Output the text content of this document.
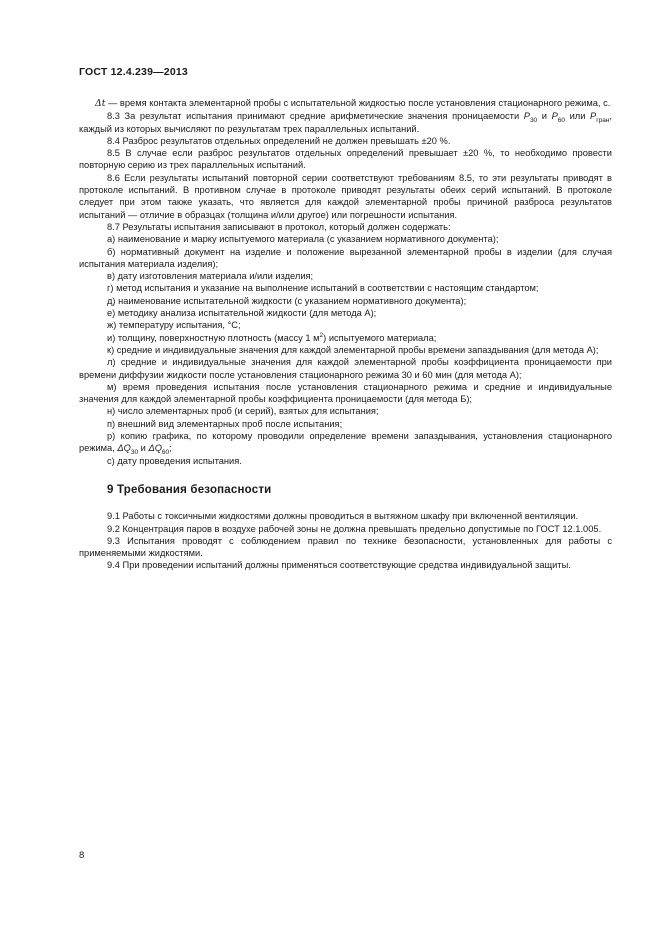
ГОСТ 12.4.239—2013

Δt — время контакта элементарной пробы с испытательной жидкостью после установления стационарного режима, с.

8.3 За результат испытания принимают средние арифметические значения проницаемости $P_{30}$ и $P_{60}$ или $P_{гран}$, каждый из которых вычисляют по результатам трех параллельных испытаний.

8.4 Разброс результатов отдельных определений не должен превышать ±20 %.

8.5 В случае если разброс результатов отдельных определений превышает ±20 %, то необходимо провести повторную серию из трех параллельных испытаний.

8.6 Если результаты испытаний повторной серии соответствуют требованиям 8.5, то эти результаты приводят в протоколе испытаний. В противном случае в протоколе приводят результаты обеих серий испытаний. В протоколе следует при этом также указать, что является для каждой элементарной пробы причиной разброса результатов испытаний — отличие в образцах (толщина и/или другое) или погрешности испытания.

8.7 Результаты испытания записывают в протокол, который должен содержать:

а) наименование и марку испытуемого материала (с указанием нормативного документа);

б) нормативный документ на изделие и положение вырезанной элементарной пробы в изделии (для случая испытания материала изделия);

в) дату изготовления материала и/или изделия;

г) метод испытания и указание на выполнение испытаний в соответствии с настоящим стандартом;

д) наименование испытательной жидкости (с указанием нормативного документа);

е) методику анализа испытательной жидкости (для метода А);

ж) температуру испытания, °С;

и) толщину, поверхностную плотность (массу 1 $м^2$) испытуемого материала;

к) средние и индивидуальные значения для каждой элементарной пробы времени запаздывания (для метода А);

л) средние и индивидуальные значения для каждой элементарной пробы коэффициента проницаемости при времени диффузии жидкости после установления стационарного режима 30 и 60 мин (для метода А);

м) время проведения испытания после установления стационарного режима и средние и индивидуальные значения для каждой элементарной пробы коэффициента проницаемости (для метода Б);

н) число элементарных проб (и серий), взятых для испытания;

п) внешний вид элементарных проб после испытания;

р) копию графика, по которому проводили определение времени запаздывания, установления стационарного режима, $\Delta Q_{30}$ и $\Delta Q_{60}$;

с) дату проведения испытания.

9 Требования безопасности

9.1 Работы с токсичными жидкостями должны проводиться в вытяжном шкафу при включенной вентиляции.

9.2 Концентрация паров в воздухе рабочей зоны не должна превышать предельно допустимые по ГОСТ 12.1.005.

9.3 Испытания проводят с соблюдением правил по технике безопасности, установленных для работы с применяемыми жидкостями.

9.4 При проведении испытаний должны применяться соответствующие средства индивидуальной защиты.

8
